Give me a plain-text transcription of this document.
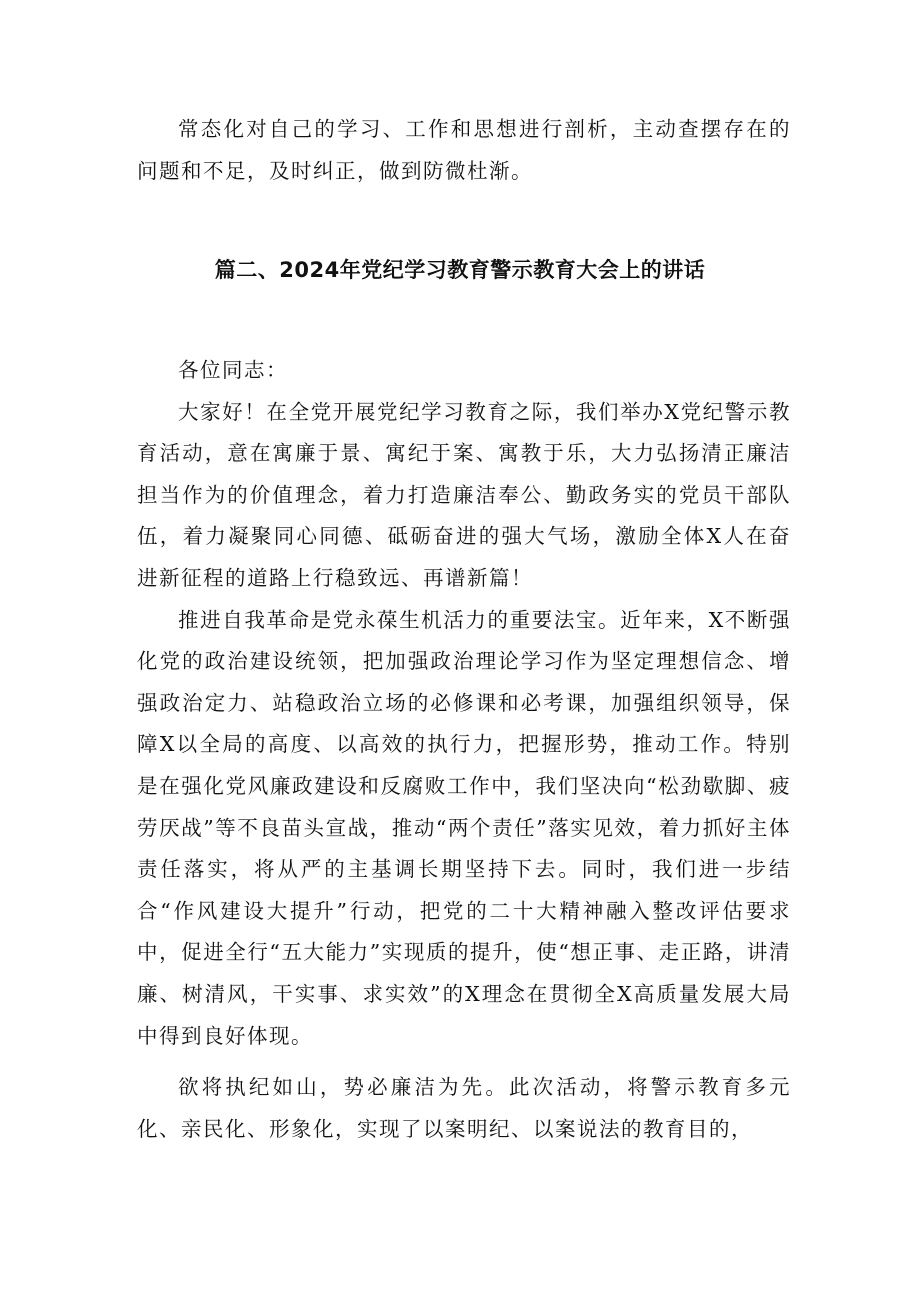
常态化对自己的学习、工作和思想进行剖析，主动查摆存在的问题和不足，及时纠正，做到防微杜渐。

篇二、2024年党纪学习教育警示教育大会上的讲话

各位同志：

大家好！在全党开展党纪学习教育之际，我们举办X党纪警示教育活动，意在寓廉于景、寓纪于案、寓教于乐，大力弘扬清正廉洁担当作为的价值理念，着力打造廉洁奉公、勤政务实的党员干部队伍，着力凝聚同心同德、砥砺奋进的强大气场，激励全体X人在奋进新征程的道路上行稳致远、再谱新篇！

推进自我革命是党永葆生机活力的重要法宝。近年来，X不断强化党的政治建设统领，把加强政治理论学习作为坚定理想信念、增强政治定力、站稳政治立场的必修课和必考课，加强组织领导，保障X以全局的高度、以高效的执行力，把握形势，推动工作。特别是在强化党风廉政建设和反腐败工作中，我们坚决向“松劲歇脚、疲劳厌战”等不良苗头宣战，推动“两个责任”落实见效，着力抓好主体责任落实，将从严的主基调长期坚持下去。同时，我们进一步结合“作风建设大提升”行动，把党的二十大精神融入整改评估要求中，促进全行“五大能力”实现质的提升，使“想正事、走正路，讲清廉、树清风，干实事、求实效”的X理念在贯彻全X高质量发展大局中得到良好体现。

欲将执纪如山，势必廉洁为先。此次活动，将警示教育多元化、亲民化、形象化，实现了以案明纪、以案说法的教育目的，
